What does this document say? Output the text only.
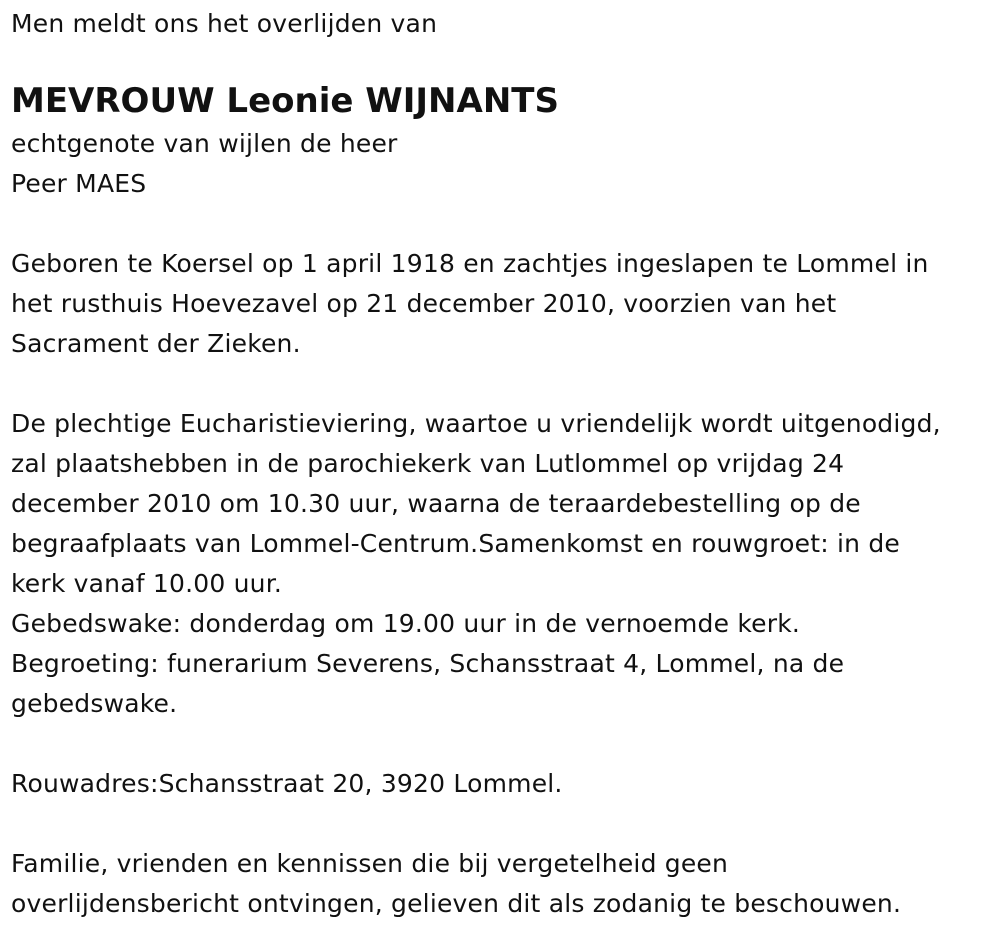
Men meldt ons het overlijden van
MEVROUW Leonie WIJNANTS
echtgenote van wijlen de heer
Peer MAES
Geboren te Koersel op 1 april 1918 en zachtjes ingeslapen te Lommel in
het rusthuis Hoevezavel op 21 december 2010, voorzien van het
Sacrament der Zieken.
De plechtige Eucharistieviering, waartoe u vriendelijk wordt uitgenodigd,
zal plaatshebben in de parochiekerk van Lutlommel op vrijdag 24
december 2010 om 10.30 uur, waarna de teraardebestelling op de
begraafplaats van Lommel-Centrum.Samenkomst en rouwgroet: in de
kerk vanaf 10.00 uur.
Gebedswake: donderdag om 19.00 uur in de vernoemde kerk.
Begroeting: funerarium Severens, Schansstraat 4, Lommel, na de
gebedswake.
Rouwadres:Schansstraat 20, 3920 Lommel.
Familie, vrienden en kennissen die bij vergetelheid geen
overlijdensbericht ontvingen, gelieven dit als zodanig te beschouwen.
